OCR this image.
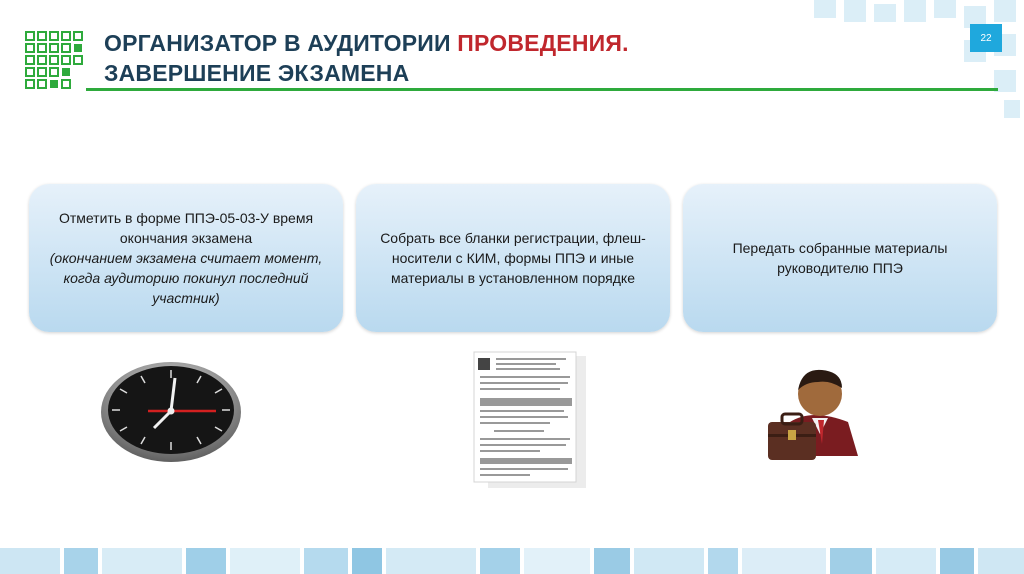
ОРГАНИЗАТОР В АУДИТОРИИ ПРОВЕДЕНИЯ.
ЗАВЕРШЕНИЕ ЭКЗАМЕНА
22
Отметить в форме ППЭ-05-03-У время окончания экзамена
(окончанием экзамена считает момент, когда аудиторию покинул последний участник)
Собрать все бланки регистрации, флеш-носители с КИМ, формы ППЭ и иные материалы в установленном порядке
Передать собранные материалы руководителю ППЭ
